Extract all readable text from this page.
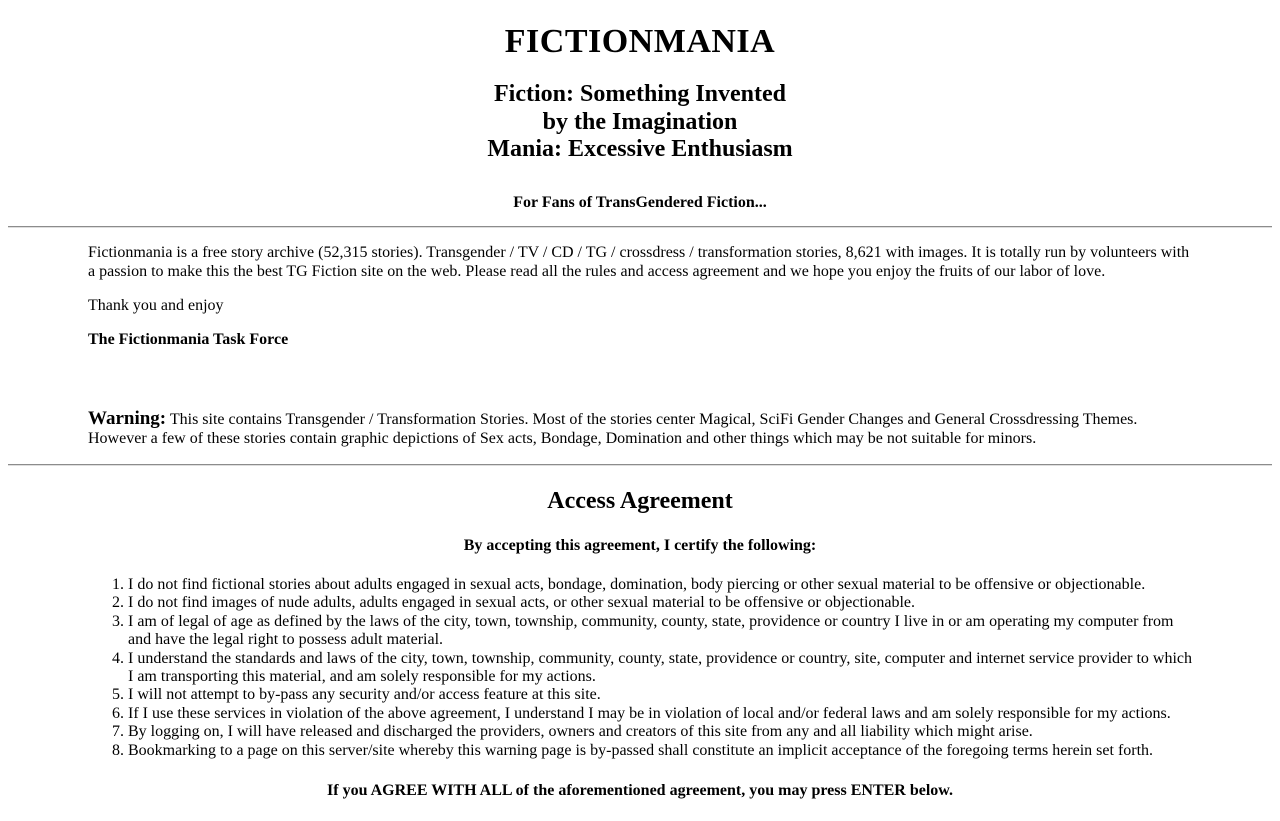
FICTIONMANIA
Fiction: Something Invented
by the Imagination
Mania: Excessive Enthusiasm
For Fans of TransGendered Fiction...

Fictionmania is a free story archive (52,315 stories). Transgender / TV / CD / TG / crossdress / transformation stories, 8,621 with images. It is totally run by volunteers with a passion to make this the best TG Fiction site on the web. Please read all the rules and access agreement and we hope you enjoy the fruits of our labor of love.

Thank you and enjoy

The Fictionmania Task Force

Warning: This site contains Transgender / Transformation Stories. Most of the stories center Magical, SciFi Gender Changes and General Crossdressing Themes. However a few of these stories contain graphic depictions of Sex acts, Bondage, Domination and other things which may be not suitable for minors.

Access Agreement
By accepting this agreement, I certify the following:
1. I do not find fictional stories about adults engaged in sexual acts, bondage, domination, body piercing or other sexual material to be offensive or objectionable.
2. I do not find images of nude adults, adults engaged in sexual acts, or other sexual material to be offensive or objectionable.
3. I am of legal of age as defined by the laws of the city, town, township, community, county, state, providence or country I live in or am operating my computer from and have the legal right to possess adult material.
4. I understand the standards and laws of the city, town, township, community, county, state, providence or country, site, computer and internet service provider to which I am transporting this material, and am solely responsible for my actions.
5. I will not attempt to by-pass any security and/or access feature at this site.
6. If I use these services in violation of the above agreement, I understand I may be in violation of local and/or federal laws and am solely responsible for my actions.
7. By logging on, I will have released and discharged the providers, owners and creators of this site from any and all liability which might arise.
8. Bookmarking to a page on this server/site whereby this warning page is by-passed shall constitute an implicit acceptance of the foregoing terms herein set forth.
If you AGREE WITH ALL of the aforementioned agreement, you may press ENTER below.
